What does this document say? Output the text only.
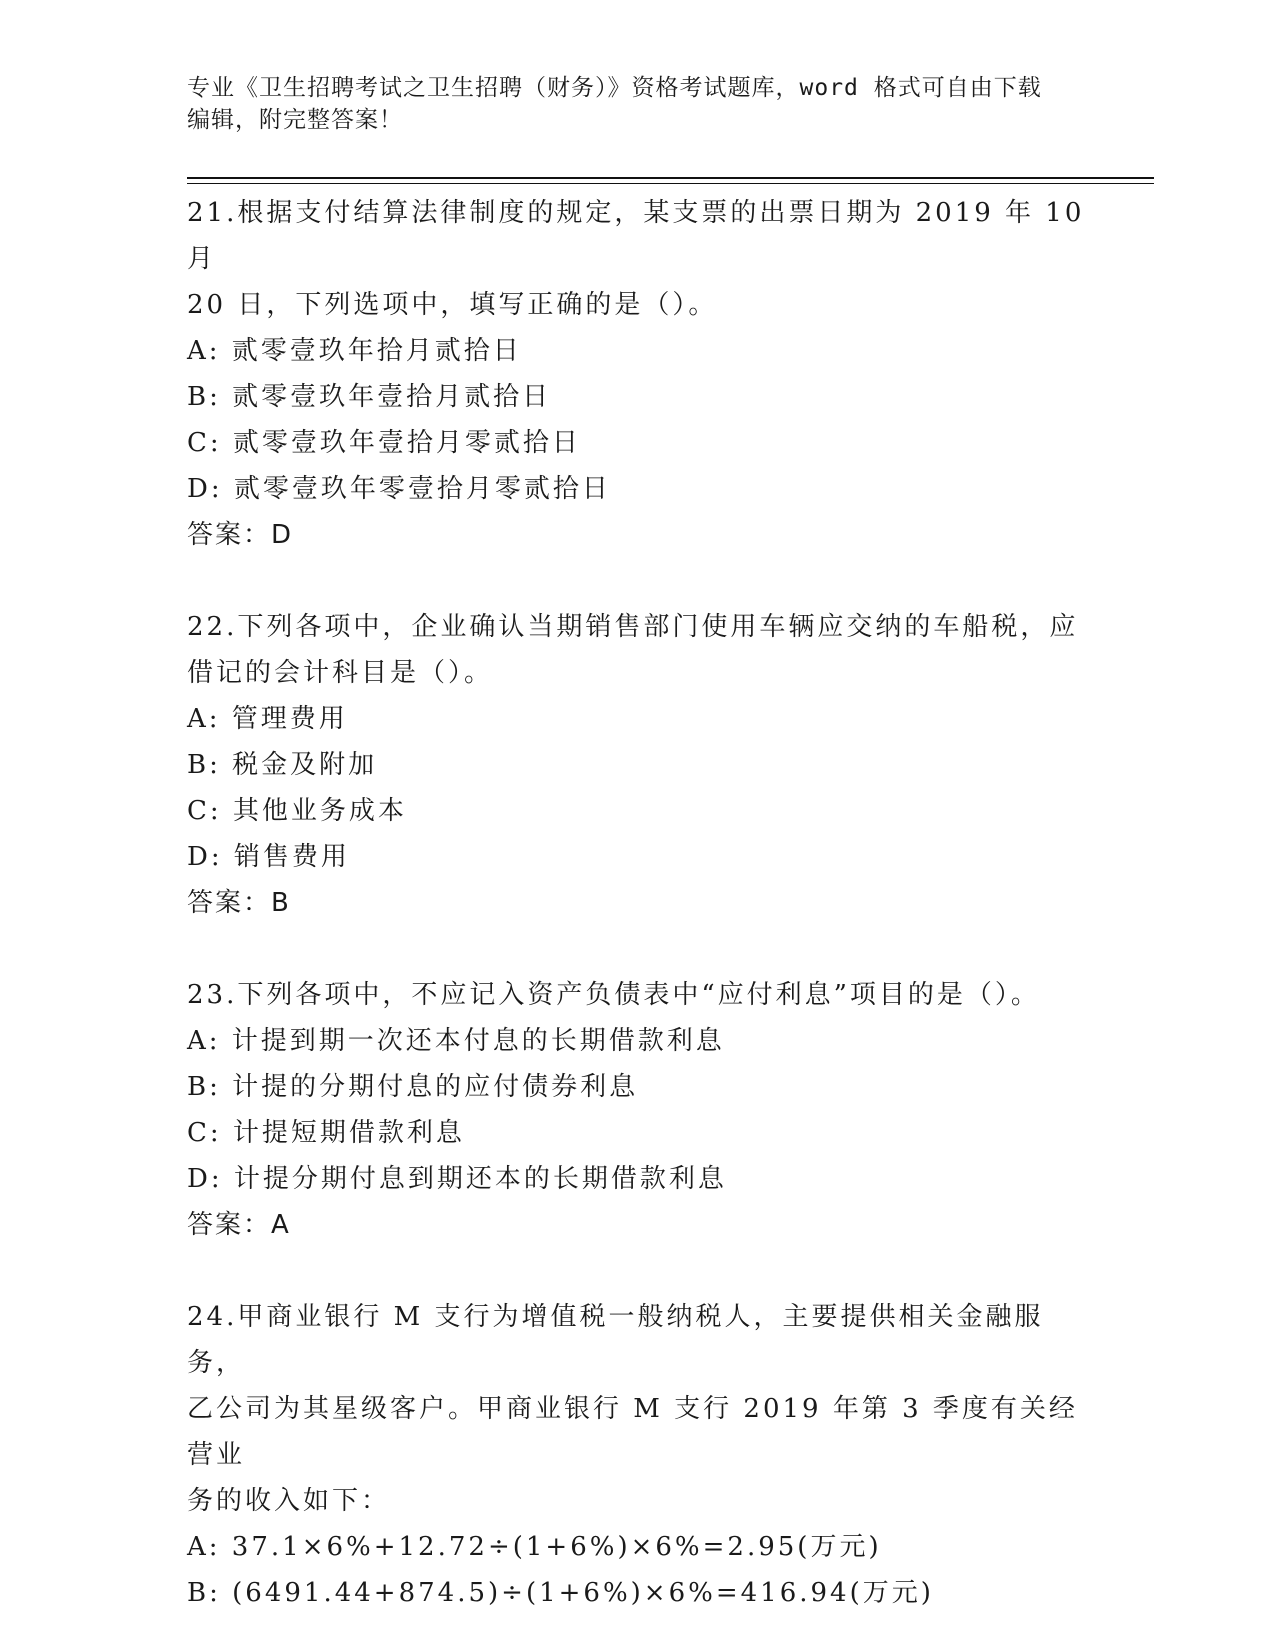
专业《卫生招聘考试之卫生招聘（财务）》资格考试题库，word 格式可自由下载
编辑，附完整答案！

21.根据支付结算法律制度的规定，某支票的出票日期为 2019 年 10 月

20 日，下列选项中，填写正确的是（）。

A: 贰零壹玖年拾月贰拾日

B: 贰零壹玖年壹拾月贰拾日

C: 贰零壹玖年壹拾月零贰拾日

D: 贰零壹玖年零壹拾月零贰拾日

答案：D

22.下列各项中，企业确认当期销售部门使用车辆应交纳的车船税，应

借记的会计科目是（）。

A: 管理费用

B: 税金及附加

C: 其他业务成本

D: 销售费用

答案：B

23.下列各项中，不应记入资产负债表中“应付利息”项目的是（）。

A: 计提到期一次还本付息的长期借款利息

B: 计提的分期付息的应付债券利息

C: 计提短期借款利息

D: 计提分期付息到期还本的长期借款利息

答案：A

24.甲商业银行 M 支行为增值税一般纳税人，主要提供相关金融服务，

乙公司为其星级客户。甲商业银行 M 支行 2019 年第 3 季度有关经营业

务的收入如下：

A: 37.1×6%+12.72÷(1+6%)×6%=2.95(万元)

B: (6491.44+874.5)÷(1+6%)×6%=416.94(万元)
